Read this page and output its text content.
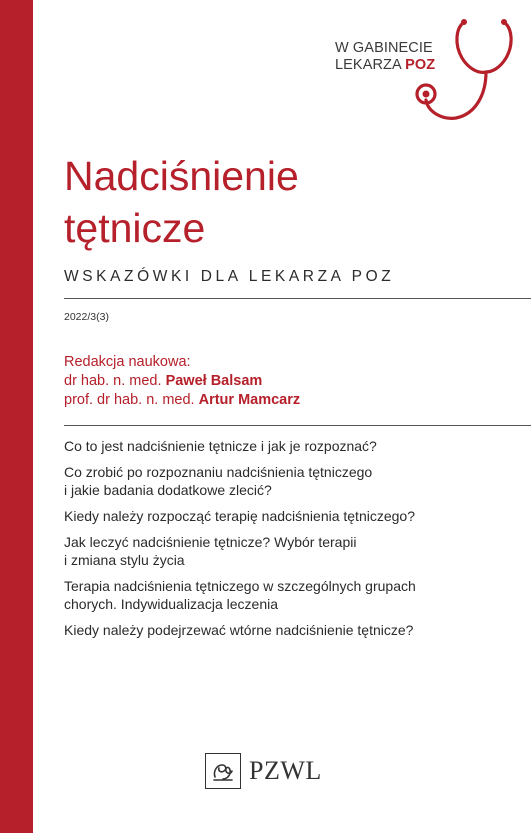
W GABINECIE
LEKARZA POZ
Nadciśnienie
tętnicze
WSKAZÓWKI DLA LEKARZA POZ
2022/3(3)
Redakcja naukowa:
dr hab. n. med. Paweł Balsam
prof. dr hab. n. med. Artur Mamcarz
Co to jest nadciśnienie tętnicze i jak je rozpoznać?
Co zrobić po rozpoznaniu nadciśnienia tętniczego
i jakie badania dodatkowe zlecić?
Kiedy należy rozpocząć terapię nadciśnienia tętniczego?
Jak leczyć nadciśnienie tętnicze? Wybór terapii
i zmiana stylu życia
Terapia nadciśnienia tętniczego w szczególnych grupach
chorych. Indywidualizacja leczenia
Kiedy należy podejrzewać wtórne nadciśnienie tętnicze?
PZWL
